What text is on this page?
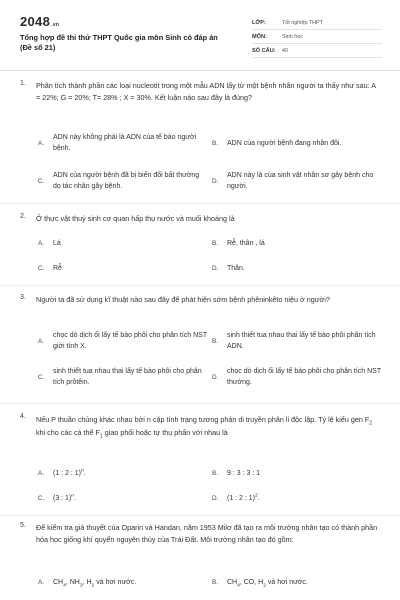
2048.vn
Tổng hợp đề thi thử THPT Quốc gia môn Sinh có đáp án (Đề số 21)
LỚP:	Tốt nghiệp THPT
MÔN:	Sinh học
SỐ CÂU:	40
1. Phân tích thành phần các loại nucleotit trong một mẫu ADN lấy từ một bệnh nhân người ta thấy như sau: A = 22%; G = 20%; T= 28% ; X = 30%. Kết luận nào sau đây là đúng?
A.
ADN này không phải là ADN của tế bào người bệnh.
B. ADN của người bệnh đang nhân đôi.
C.
ADN của người bệnh đã bị biến đổi bất thường do tác nhân gây bệnh.
D.
ADN này là của sinh vật nhân sơ gây bệnh cho người.
2. Ở thực vật thuỷ sinh cơ quan hấp thụ nước và muối khoáng là
A. Lá	B. Rễ, thân , lá
C. Rễ	D. Thân.
3. Người ta đã sử dụng kĩ thuật nào sau đây để phát hiện sớm bệnh phêninkêto niệu ở người?
A.
chọc dò dịch ối lấy tế bào phôi cho phân tích NST giới tính X.
B.
sinh thiết tua nhau thai lấy tế bào phôi phân tích ADN.
C.
sinh thiết tua nhau thai lấy tế bào phôi cho phân tích prôtêin.
D.
chọc dò dịch ối lấy tế bào phôi cho phân tích NST thường.
4. Nếu P thuần chủng khác nhau bởi n cặp tính trạng tương phản di truyền phân li độc lập. Tỷ lệ kiểu gen $F_2$ khi cho các cá thể $F_1$ giao phối hoặc tự thụ phấn với nhau là
A. (1 : 2 : 1)$^n$.	B. 9 : 3 : 3 : 1
C. (3 : 1)$^n$.	D. (1 : 2 : 1)$^2$.
5. Để kiểm tra giả thuyết của Oparin và Handan, năm 1953 Milơ đã tạo ra môi trường nhân tạo có thành phần hóa học giống khí quyển nguyên thủy của Trái Đất. Môi trường nhân tạo đó gồm:
A. $CH_4$, $NH_3$, $H_2$ và hơi nước.	B. $CH_4$, CO, $H_2$ và hơi nước.
